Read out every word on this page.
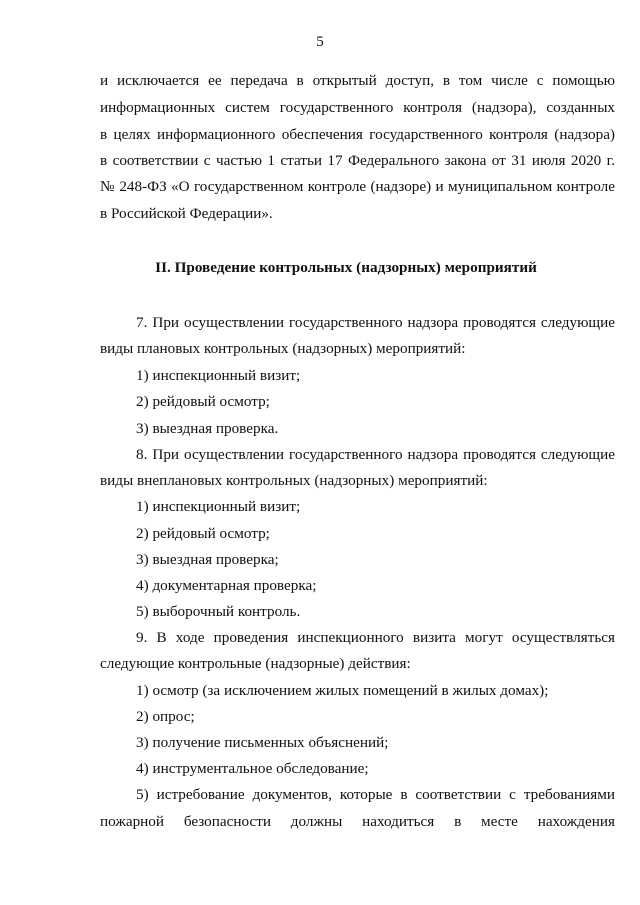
5
и исключается ее передача в открытый доступ, в том числе с помощью
информационных систем государственного контроля (надзора), созданных
в целях информационного обеспечения государственного контроля (надзора)
в соответствии с частью 1 статьи 17 Федерального закона от 31 июля 2020 г.
№ 248-ФЗ «О государственном контроле (надзоре) и муниципальном контроле
в Российской Федерации».
II. Проведение контрольных (надзорных) мероприятий
7. При осуществлении государственного надзора проводятся следующие
виды плановых контрольных (надзорных) мероприятий:
1) инспекционный визит;
2) рейдовый осмотр;
3) выездная проверка.
8. При осуществлении государственного надзора проводятся следующие
виды внеплановых контрольных (надзорных) мероприятий:
1) инспекционный визит;
2) рейдовый осмотр;
3) выездная проверка;
4) документарная проверка;
5) выборочный контроль.
9. В ходе проведения инспекционного визита могут осуществляться
следующие контрольные (надзорные) действия:
1) осмотр (за исключением жилых помещений в жилых домах);
2) опрос;
3) получение письменных объяснений;
4) инструментальное обследование;
5) истребование документов, которые в соответствии с требованиями
пожарной безопасности должны находиться в месте нахождения
